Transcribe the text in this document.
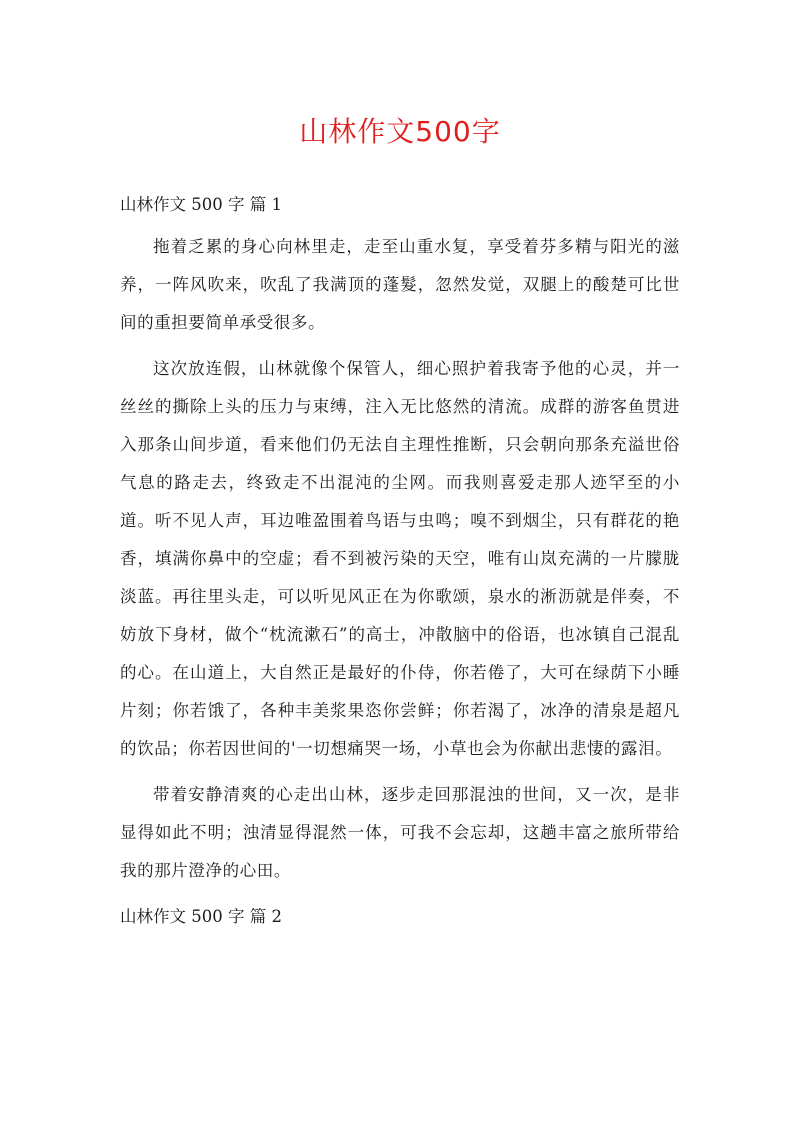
山林作文500字

山林作文 500 字 篇 1

拖着乏累的身心向林里走，走至山重水复，享受着芬多精与阳光的滋养，一阵风吹来，吹乱了我满顶的蓬髮，忽然发觉，双腿上的酸楚可比世间的重担要简单承受很多。

这次放连假，山林就像个保管人，细心照护着我寄予他的心灵，并一丝丝的撕除上头的压力与束缚，注入无比悠然的清流。成群的游客鱼贯进入那条山间步道，看来他们仍无法自主理性推断，只会朝向那条充溢世俗气息的路走去，终致走不出混沌的尘网。而我则喜爱走那人迹罕至的小道。听不见人声，耳边唯盈围着鸟语与虫鸣；嗅不到烟尘，只有群花的艳香，填满你鼻中的空虚；看不到被污染的天空，唯有山岚充满的一片朦胧淡蓝。再往里头走，可以听见风正在为你歌颂，泉水的淅沥就是伴奏，不妨放下身材，做个“枕流漱石”的高士，冲散脑中的俗语，也冰镇自己混乱的心。在山道上，大自然正是最好的仆侍，你若倦了，大可在绿荫下小睡片刻；你若饿了，各种丰美浆果恣你尝鲜；你若渴了，冰净的清泉是超凡的饮品；你若因世间的'一切想痛哭一场，小草也会为你献出悲悽的露泪。

带着安静清爽的心走出山林，逐步走回那混浊的世间，又一次，是非显得如此不明；浊清显得混然一体，可我不会忘却，这趟丰富之旅所带给我的那片澄净的心田。

山林作文 500 字 篇 2
